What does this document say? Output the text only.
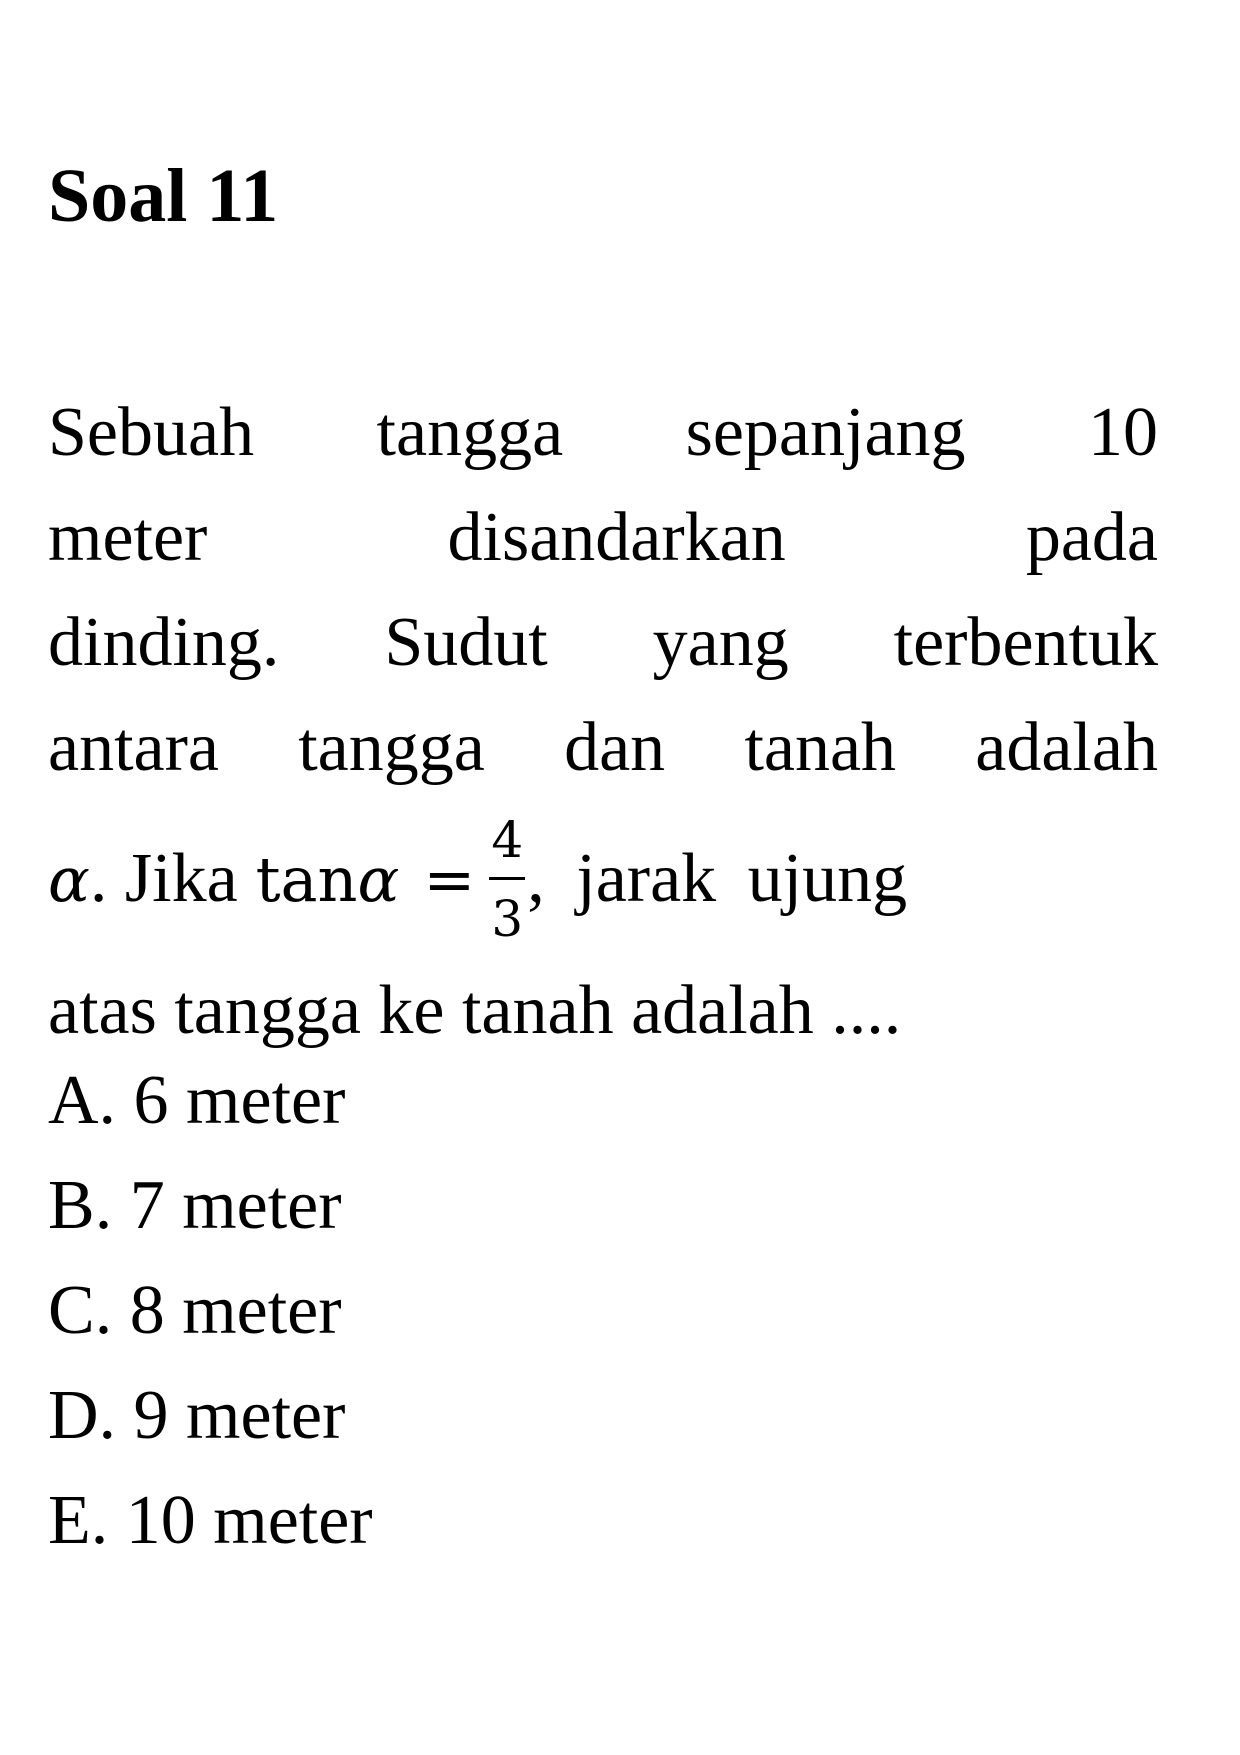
Soal 11
Sebuah tangga sepanjang 10
meter	disandarkan	pada
dinding. Sudut yang terbentuk
antara tangga dan tanah adalah
α . Jika $\tan \alpha = \frac{4}{3}$ , jarak ujung
atas tangga ke tanah adalah ....
A. 6 meter
B. 7 meter
C. 8 meter
D. 9 meter
E. 10 meter
